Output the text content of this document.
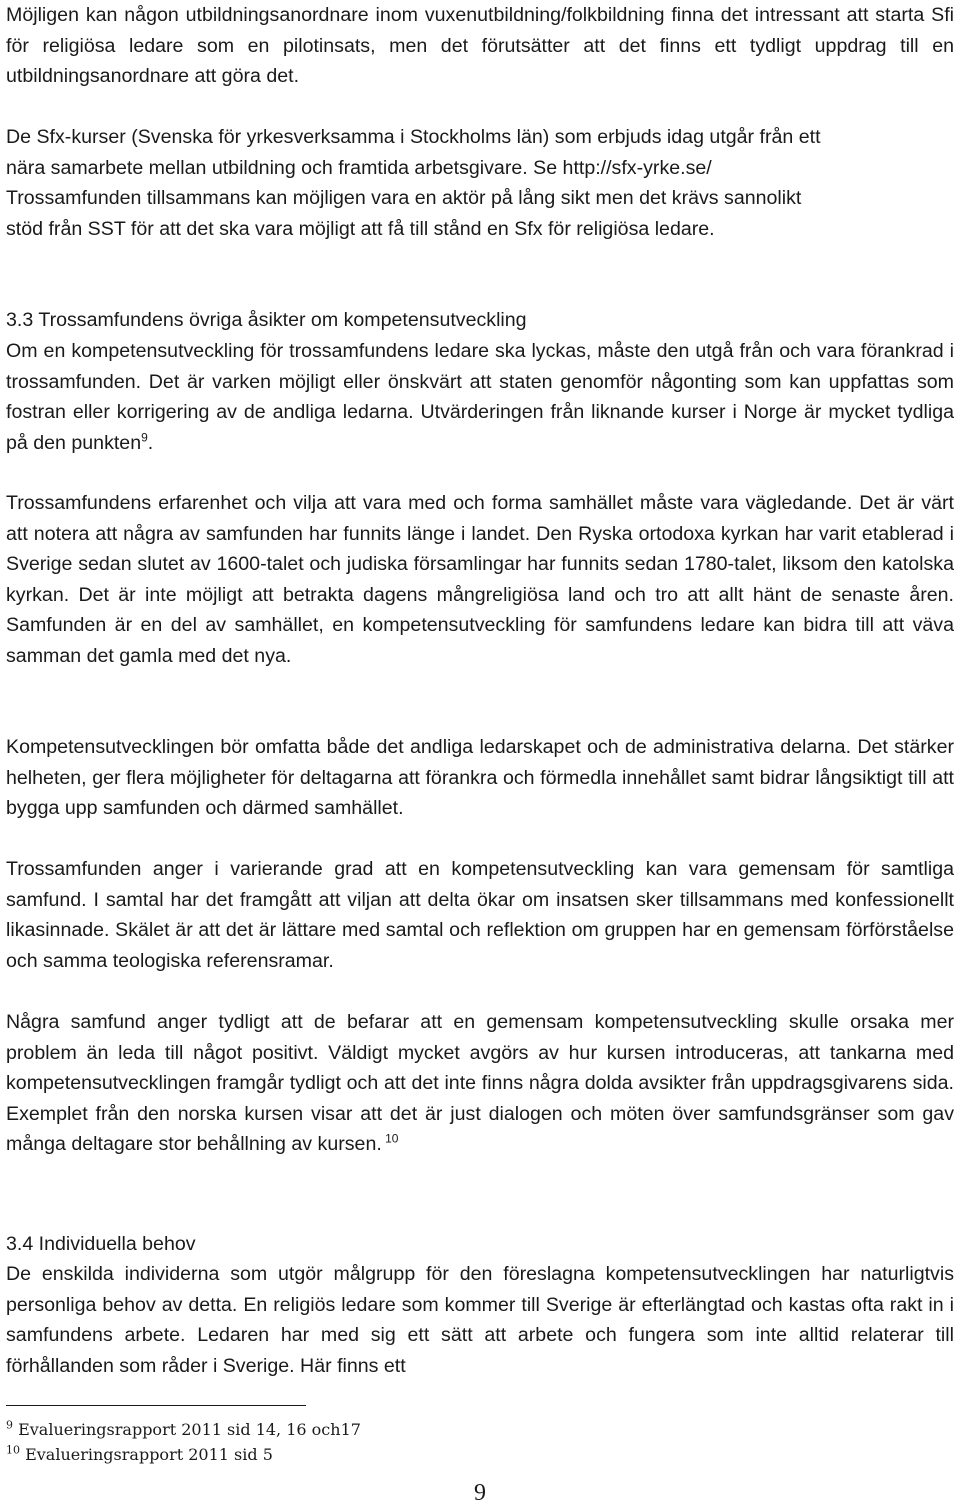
Möjligen kan någon utbildningsanordnare inom vuxenutbildning/folkbildning finna det intressant att starta Sfi för religiösa ledare som en pilotinsats, men det förutsätter att det finns ett tydligt uppdrag till en utbildningsanordnare att göra det.

De Sfx-kurser (Svenska för yrkesverksamma i Stockholms län) som erbjuds idag utgår från ett
nära samarbete mellan utbildning och framtida arbetsgivare. Se http://sfx-yrke.se/
Trossamfunden tillsammans kan möjligen vara en aktör på lång sikt men det krävs sannolikt
stöd från SST för att det ska vara möjligt att få till stånd en Sfx för religiösa ledare.
3.3 Trossamfundens övriga åsikter om kompetensutveckling

Om en kompetensutveckling för trossamfundens ledare ska lyckas, måste den utgå från och vara förankrad i trossamfunden. Det är varken möjligt eller önskvärt att staten genomför någonting som kan uppfattas som fostran eller korrigering av de andliga ledarna. Utvärderingen från liknande kurser i Norge är mycket tydliga på den punkten$^9$.

Trossamfundens erfarenhet och vilja att vara med och forma samhället måste vara vägledande. Det är värt att notera att några av samfunden har funnits länge i landet. Den Ryska ortodoxa kyrkan har varit etablerad i Sverige sedan slutet av 1600-talet och judiska församlingar har funnits sedan 1780-talet, liksom den katolska kyrkan. Det är inte möjligt att betrakta dagens mångreligiösa land och tro att allt hänt de senaste åren. Samfunden är en del av samhället, en kompetensutveckling för samfundens ledare kan bidra till att väva samman det gamla med det nya.

Kompetensutvecklingen bör omfatta både det andliga ledarskapet och de administrativa delarna. Det stärker helheten, ger flera möjligheter för deltagarna att förankra och förmedla innehållet samt bidrar långsiktigt till att bygga upp samfunden och därmed samhället.

Trossamfunden anger i varierande grad att en kompetensutveckling kan vara gemensam för samtliga samfund. I samtal har det framgått att viljan att delta ökar om insatsen sker tillsammans med konfessionellt likasinnade. Skälet är att det är lättare med samtal och reflektion om gruppen har en gemensam förförståelse och samma teologiska referensramar.

Några samfund anger tydligt att de befarar att en gemensam kompetensutveckling skulle orsaka mer problem än leda till något positivt. Väldigt mycket avgörs av hur kursen introduceras, att tankarna med kompetensutvecklingen framgår tydligt och att det inte finns några dolda avsikter från uppdragsgivarens sida. Exemplet från den norska kursen visar att det är just dialogen och möten över samfundsgränser som gav många deltagare stor behållning av kursen. $^{10}$

3.4 Individuella behov

De enskilda individerna som utgör målgrupp för den föreslagna kompetensutvecklingen har naturligtvis personliga behov av detta. En religiös ledare som kommer till Sverige är efterlängtad och kastas ofta rakt in i samfundens arbete. Ledaren har med sig ett sätt att arbete och fungera som inte alltid relaterar till förhållanden som råder i Sverige. Här finns ett

$^9$ Evalueringsrapport 2011 sid 14, 16 och17
$^{10}$ Evalueringsrapport 2011 sid 5
9
